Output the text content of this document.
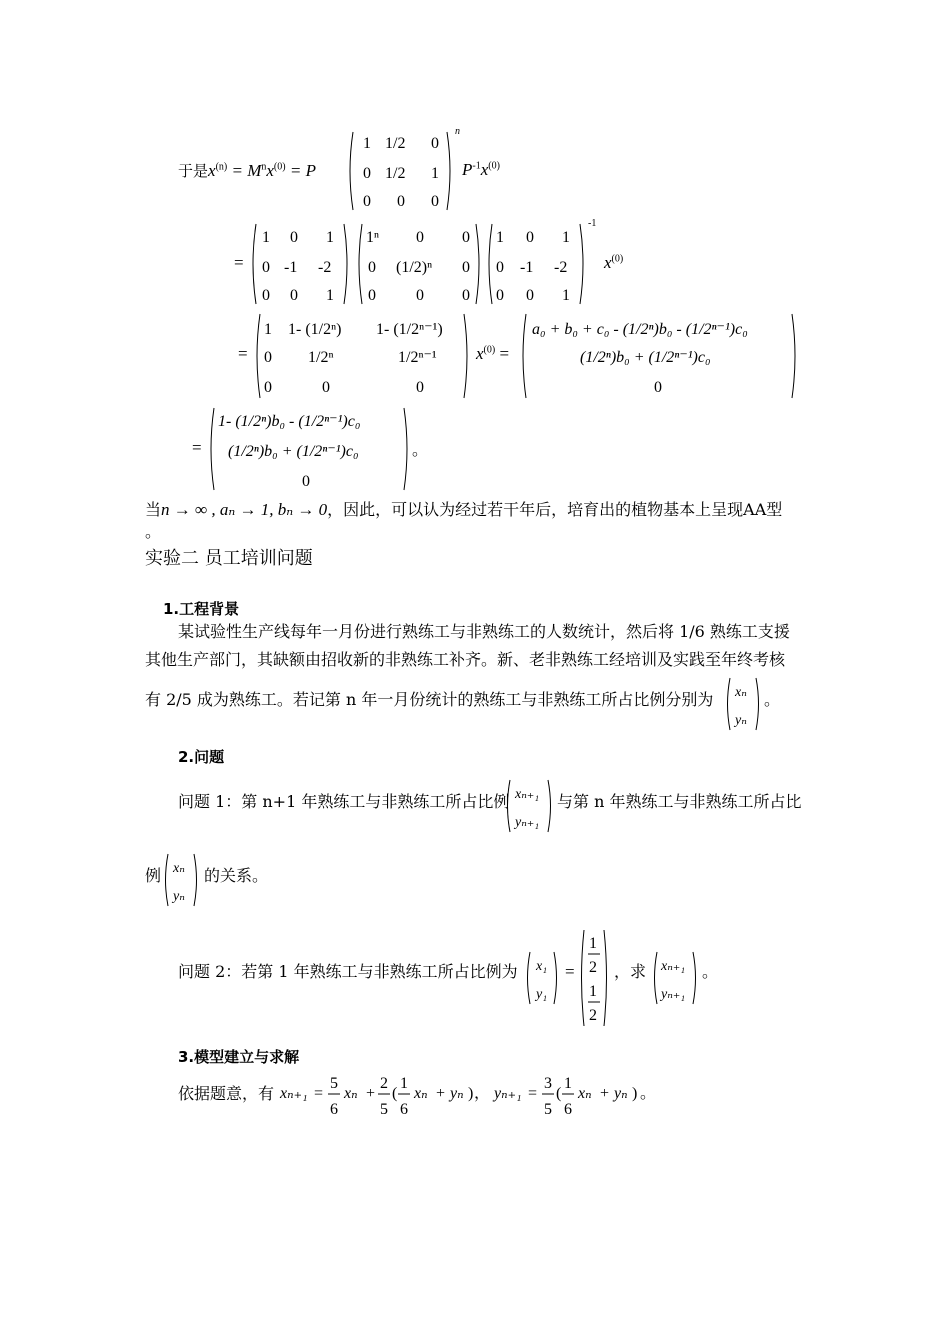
于是$x^{(n)} = M^nx^{(0)} = P$
1 1/2 0
0 1/2 1
0 0 0
n
$P^{-1}x^{(0)}$
=
1 0 1
0 -1 -2
0 0 1
1ⁿ 0 0
0 (1/2)ⁿ 0
0	0 0
1 0 1
0 -1 -2
0 0 1
-1
$x^{(0)}$
=
1 1- (1/2ⁿ) 1- (1/2ⁿ⁻¹)
0 1/2ⁿ	1/2ⁿ⁻¹
0	0	0
$x^{(0)}$ =
a₀ + b₀ + c₀ - (1/2ⁿ)b₀ - (1/2ⁿ⁻¹)c₀
(1/2ⁿ)b₀ + (1/2ⁿ⁻¹)c₀
0
=
1- (1/2ⁿ)b₀ - (1/2ⁿ⁻¹)c₀
(1/2ⁿ)b₀ + (1/2ⁿ⁻¹)c₀
0
。
当n → ∞ , aₙ → 1, bₙ → 0，因此，可以认为经过若干年后，培育出的植物基本上呈现AA型
。
实验二 员工培训问题
1.工程背景
某试验性生产线每年一月份进行熟练工与非熟练工的人数统计，然后将 1/6 熟练工支援
其他生产部门，其缺额由招收新的非熟练工补齐。新、老非熟练工经培训及实践至年终考核
有 2/5 成为熟练工。若记第 n 年一月份统计的熟练工与非熟练工所占比例分别为 xₙ
yₙ
。
2.问题
问题 1：第 n+1 年熟练工与非熟练工所占比例 xₙ₊₁
yₙ₊₁
与第 n 年熟练工与非熟练工所占比
例 xₙ
yₙ
的关系。
问题 2：若第 1 年熟练工与非熟练工所占比例为 x₁
y₁
=
1
2
1
2
，求 xₙ₊₁
yₙ₊₁
。
3.模型建立与求解
依据题意，有 xₙ₊₁ =
5
6
xₙ +
2
5
(
1
6
xₙ + yₙ ) ， yₙ₊₁ =
3
5
(
1
6
xₙ + yₙ ) 。
